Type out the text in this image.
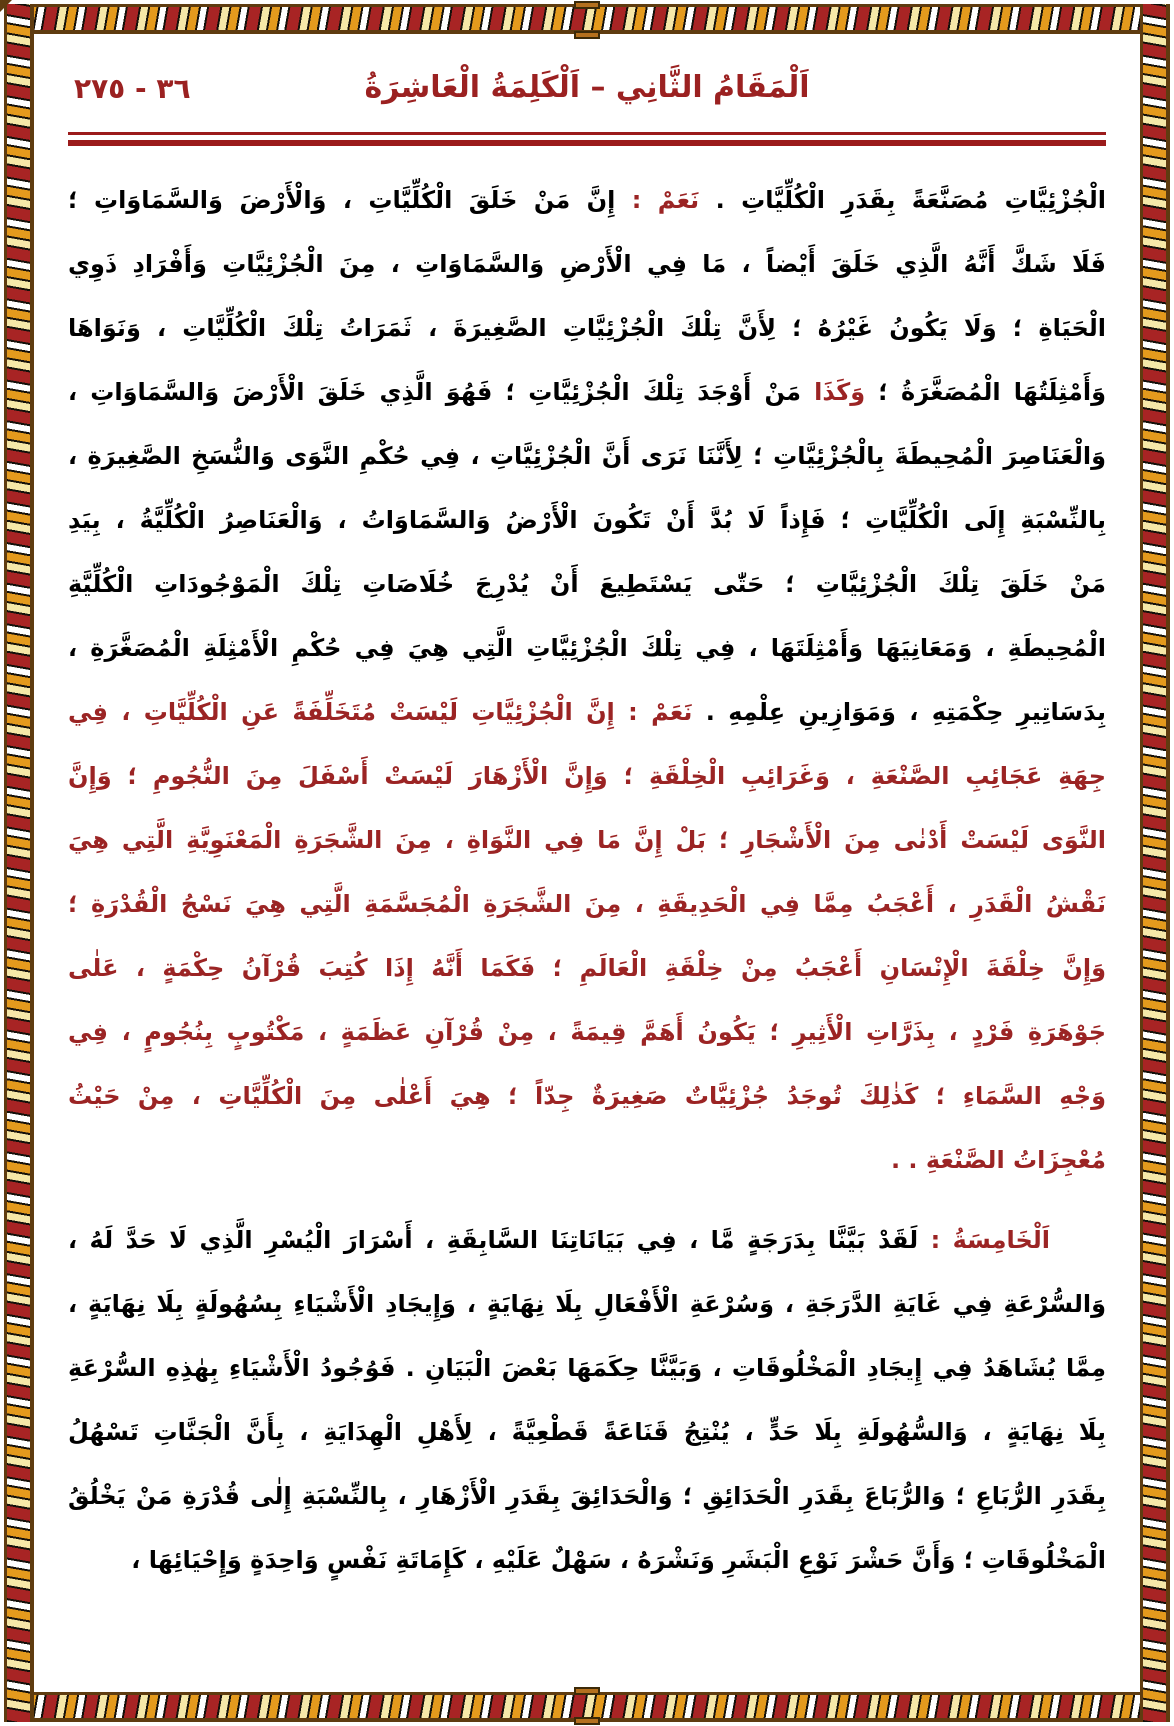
اَلْمَقَامُ الثَّانِي – اَلْكَلِمَةُ الْعَاشِرَةُ
٣٦ - ٢٧٥
الْجُزْئِيَّاتِ مُصَنَّعَةً بِقَدَرِ الْكُلِّيَّاتِ . نَعَمْ : إِنَّ مَنْ خَلَقَ الْكُلِّيَّاتِ ، وَالْأَرْضَ وَالسَّمَاوَاتِ ؛
فَلَا شَكَّ أَنَّهُ الَّذِي خَلَقَ أَيْضاً ، مَا فِي الْأَرْضِ وَالسَّمَاوَاتِ ، مِنَ الْجُزْئِيَّاتِ وَأَفْرَادِ ذَوِي
الْحَيَاةِ ؛ وَلَا يَكُونُ غَيْرُهُ ؛ لِأَنَّ تِلْكَ الْجُزْئِيَّاتِ الصَّغِيرَةَ ، ثَمَرَاتُ تِلْكَ الْكُلِّيَّاتِ ، وَنَوَاهَا
وَأَمْثِلَتُهَا الْمُصَغَّرَةُ ؛ وَكَذَا مَنْ أَوْجَدَ تِلْكَ الْجُزْئِيَّاتِ ؛ فَهُوَ الَّذِي خَلَقَ الْأَرْضَ وَالسَّمَاوَاتِ ،
وَالْعَنَاصِرَ الْمُحِيطَةَ بِالْجُزْئِيَّاتِ ؛ لِأَنَّنَا نَرَى أَنَّ الْجُزْئِيَّاتِ ، فِي حُكْمِ النَّوَى وَالنُّسَخِ الصَّغِيرَةِ ،
بِالنِّسْبَةِ إِلَى الْكُلِّيَّاتِ ؛ فَإِذاً لَا بُدَّ أَنْ تَكُونَ الْأَرْضُ وَالسَّمَاوَاتُ ، وَالْعَنَاصِرُ الْكُلِّيَّةُ ، بِيَدِ
مَنْ خَلَقَ تِلْكَ الْجُزْئِيَّاتِ ؛ حَتّٰى يَسْتَطِيعَ أَنْ يُدْرِجَ خُلَاصَاتِ تِلْكَ الْمَوْجُودَاتِ الْكُلِّيَّةِ
الْمُحِيطَةِ ، وَمَعَانِيَهَا وَأَمْثِلَتَهَا ، فِي تِلْكَ الْجُزْئِيَّاتِ الَّتِي هِيَ فِي حُكْمِ الْأَمْثِلَةِ الْمُصَغَّرَةِ ،
بِدَسَاتِيرِ حِكْمَتِهِ ، وَمَوَازِينِ عِلْمِهِ . نَعَمْ : إِنَّ الْجُزْئِيَّاتِ لَيْسَتْ مُتَخَلِّفَةً عَنِ الْكُلِّيَّاتِ ، فِي
جِهَةِ عَجَائِبِ الصَّنْعَةِ ، وَغَرَائِبِ الْخِلْقَةِ ؛ وَإِنَّ الْأَزْهَارَ لَيْسَتْ أَسْفَلَ مِنَ النُّجُومِ ؛ وَإِنَّ
النَّوَى لَيْسَتْ أَدْنٰى مِنَ الْأَشْجَارِ ؛ بَلْ إِنَّ مَا فِي النَّوَاةِ ، مِنَ الشَّجَرَةِ الْمَعْنَوِيَّةِ الَّتِي هِيَ
نَقْشُ الْقَدَرِ ، أَعْجَبُ مِمَّا فِي الْحَدِيقَةِ ، مِنَ الشَّجَرَةِ الْمُجَسَّمَةِ الَّتِي هِيَ نَسْجُ الْقُدْرَةِ ؛
وَإِنَّ خِلْقَةَ الْإِنْسَانِ أَعْجَبُ مِنْ خِلْقَةِ الْعَالَمِ ؛ فَكَمَا أَنَّهُ إِذَا كُتِبَ قُرْآنُ حِكْمَةٍ ، عَلٰى
جَوْهَرَةِ فَرْدٍ ، بِذَرَّاتِ الْأَثِيرِ ؛ يَكُونُ أَهَمَّ قِيمَةً ، مِنْ قُرْآنِ عَظَمَةٍ ، مَكْتُوبٍ بِنُجُومٍ ، فِي
وَجْهِ السَّمَاءِ ؛ كَذٰلِكَ تُوجَدُ جُزْئِيَّاتٌ صَغِيرَةٌ جِدّاً ؛ هِيَ أَعْلٰى مِنَ الْكُلِّيَّاتِ ، مِنْ حَيْثُ
مُعْجِزَاتُ الصَّنْعَةِ . .
اَلْخَامِسَةُ : لَقَدْ بَيَّنَّا بِدَرَجَةٍ مَّا ، فِي بَيَانَاتِنَا السَّابِقَةِ ، أَسْرَارَ الْيُسْرِ الَّذِي لَا حَدَّ لَهُ ،
وَالسُّرْعَةِ فِي غَايَةِ الدَّرَجَةِ ، وَسُرْعَةِ الْأَفْعَالِ بِلَا نِهَايَةٍ ، وَإِيجَادِ الْأَشْيَاءِ بِسُهُولَةٍ بِلَا نِهَايَةٍ ،
مِمَّا يُشَاهَدُ فِي إِيجَادِ الْمَخْلُوقَاتِ ، وَبَيَّنَّا حِكَمَهَا بَعْضَ الْبَيَانِ . فَوُجُودُ الْأَشْيَاءِ بِهٰذِهِ السُّرْعَةِ
بِلَا نِهَايَةٍ ، وَالسُّهُولَةِ بِلَا حَدٍّ ، يُنْتِجُ قَنَاعَةً قَطْعِيَّةً ، لِأَهْلِ الْهِدَايَةِ ، بِأَنَّ الْجَنَّاتِ تَسْهُلُ
بِقَدَرِ الرُّبَاعِ ؛ وَالرُّبَاعَ بِقَدَرِ الْحَدَائِقِ ؛ وَالْحَدَائِقَ بِقَدَرِ الْأَزْهَارِ ، بِالنِّسْبَةِ إِلٰى قُدْرَةِ مَنْ يَخْلُقُ
الْمَخْلُوقَاتِ ؛ وَأَنَّ حَشْرَ نَوْعِ الْبَشَرِ وَنَشْرَهُ ، سَهْلٌ عَلَيْهِ ، كَإِمَاتَةِ نَفْسٍ وَاحِدَةٍ وَإِحْيَائِهَا ،
